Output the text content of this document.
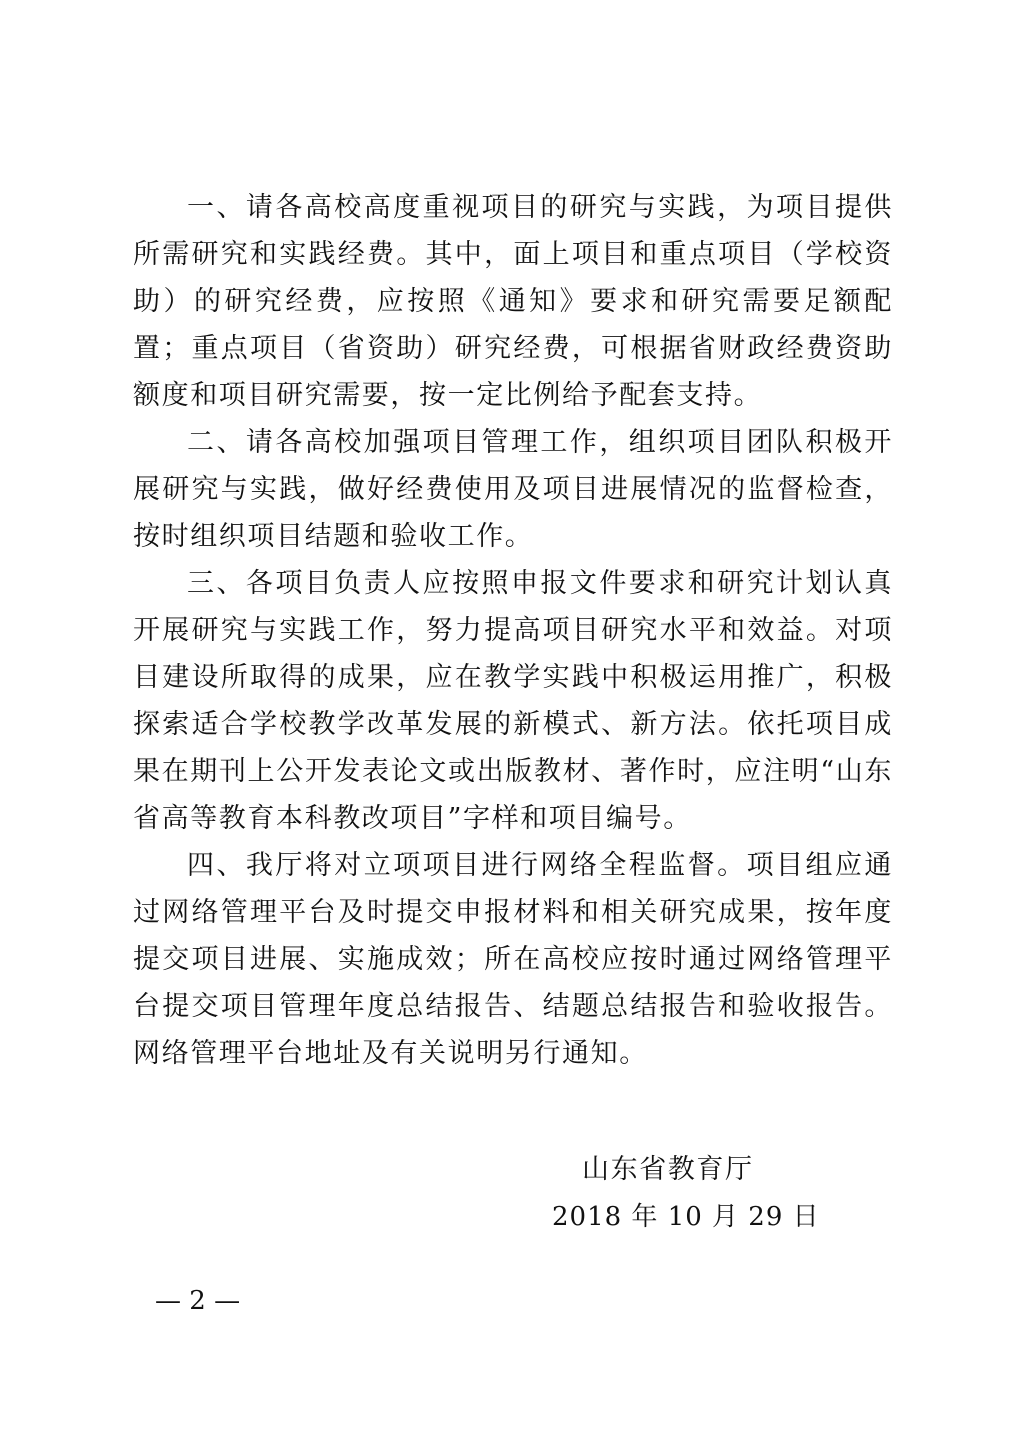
一、请各高校高度重视项目的研究与实践，为项目提供所需研究和实践经费。其中，面上项目和重点项目（学校资助）的研究经费，应按照《通知》要求和研究需要足额配置；重点项目（省资助）研究经费，可根据省财政经费资助额度和项目研究需要，按一定比例给予配套支持。

二、请各高校加强项目管理工作，组织项目团队积极开展研究与实践，做好经费使用及项目进展情况的监督检查，按时组织项目结题和验收工作。

三、各项目负责人应按照申报文件要求和研究计划认真开展研究与实践工作，努力提高项目研究水平和效益。对项目建设所取得的成果，应在教学实践中积极运用推广，积极探索适合学校教学改革发展的新模式、新方法。依托项目成果在期刊上公开发表论文或出版教材、著作时，应注明“山东省高等教育本科教改项目”字样和项目编号。

四、我厅将对立项项目进行网络全程监督。项目组应通过网络管理平台及时提交申报材料和相关研究成果，按年度提交项目进展、实施成效；所在高校应按时通过网络管理平台提交项目管理年度总结报告、结题总结报告和验收报告。网络管理平台地址及有关说明另行通知。

山东省教育厅
2018 年 10 月 29 日
— 2 —
